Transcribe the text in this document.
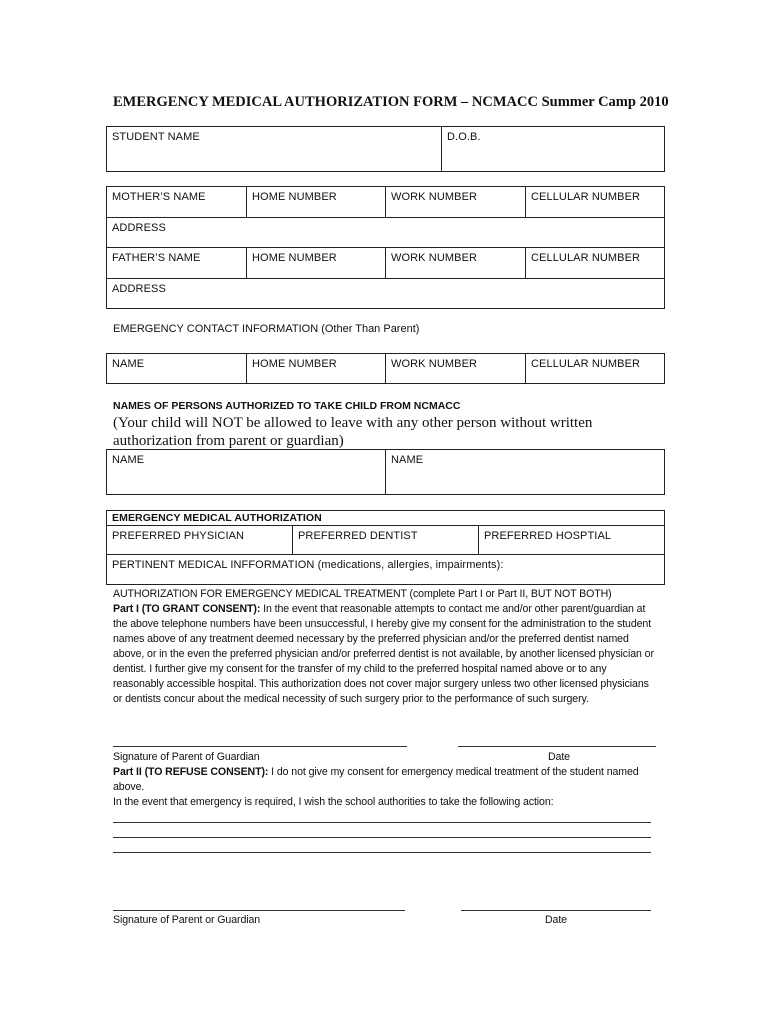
EMERGENCY MEDICAL AUTHORIZATION FORM – NCMACC Summer Camp 2010
STUDENT NAME	D.O.B.
MOTHER’S NAME	HOME NUMBER	WORK NUMBER	CELLULAR NUMBER
ADDRESS			
FATHER’S NAME	HOME NUMBER	WORK NUMBER	CELLULAR NUMBER
ADDRESS			
EMERGENCY CONTACT INFORMATION (Other Than Parent)
NAME	HOME NUMBER	WORK NUMBER	CELLULAR NUMBER
NAMES OF PERSONS AUTHORIZED TO TAKE CHILD FROM NCMACC
(Your child will NOT be allowed to leave with any other person without written
authorization from parent or guardian)
NAME	NAME
EMERGENCY MEDICAL AUTHORIZATION
PREFERRED PHYSICIAN	PREFERRED DENTIST	PREFERRED HOSPTIAL
PERTINENT MEDICAL INFFORMATION (medications, allergies, impairments):
AUTHORIZATION FOR EMERGENCY MEDICAL TREATMENT (complete Part I or Part II, BUT NOT BOTH)
Part I (TO GRANT CONSENT): In the event that reasonable attempts to contact me and/or other parent/guardian at
the above telephone numbers have been unsuccessful, I hereby give my consent for the administration to the student
names above of any treatment deemed necessary by the preferred physician and/or the preferred dentist named
above, or in the even the preferred physician and/or preferred dentist is not available, by another licensed physician or
dentist. I further give my consent for the transfer of my child to the preferred hospital named above or to any
reasonably accessible hospital. This authorization does not cover major surgery unless two other licensed physicians
or dentists concur about the medical necessity of such surgery prior to the performance of such surgery.
Signature of Parent of Guardian	Date
Part II (TO REFUSE CONSENT): I do not give my consent for emergency medical treatment of the student named
above.
In the event that emergency is required, I wish the school authorities to take the following action:
Signature of Parent or Guardian	Date
